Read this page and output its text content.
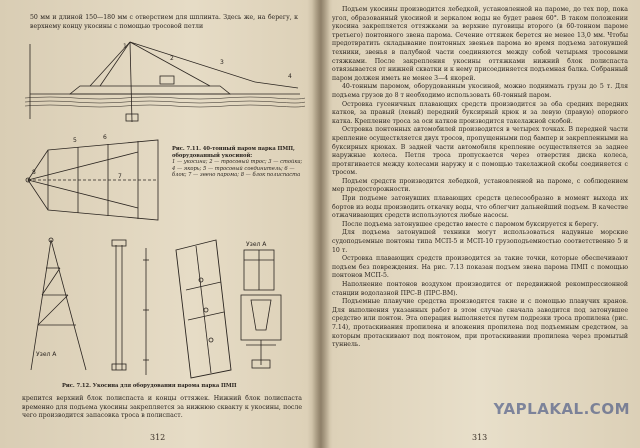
50 мм и длиной 150—180 мм с отверстием для шплинта. Здесь же, на берегу, к верхнему концу укосины с помощью тросовой петли

1
2
3
4
5	6
7
8
Рис. 7.11. 40-тонный паром парка ПМП, оборудованный укосиной:
1 — укосина; 2 — тросовый трос; 3 — стойка; 4 — якорь; 5 — тросовый соединитель; 6 — блок; 7 — звено парома; 8 — блок полиспаста
Узел А
Узел А
Рис. 7.12. Укосина для оборудования парома парка ПМП

крепится верхний блок полиспаста и концы оттяжек. Нижний блок полиспаста временно для подъема укосины закрепляется за нижнюю сквакту к укосины, после чего производится запасовка троса в полиспаст.

312

Подъем укосины производится лебедкой, установленной на пароме, до тех пор, пока угол, образованный укосиной и зеркалом воды не будет равен 60°. В таком положении укосина закрепляется оттяжками за верхние пуговицы второго (в 60-тонном пароме третьего) понтонного звена парома. Сечение оттяжек берется не менее 13,0 мм. Чтобы предотвратить складывание понтонных звеньев парома во время подъема затонувшей техники, звенья в палубной части соединяются между собой четырьмя тросовыми стяжками. После закрепления укосины оттяжками нижний блок полиспаста отвязывается от нижней скватки и к нему присоединяется подъемная балка. Собранный паром должен иметь не менее 3—4 якорей.

40-тонным паромом, оборудованным укосиной, можно поднимать грузы до 5 т. Для подъема грузов до 8 т необходимо использовать 60-тонный паром.

Островка гусеничных плавающих средств производится за оба средних передних катков, за правый (левый) передний буксирный крюк и за левую (правую) опорного катка. Крепление троса за оси катков производится такелажной скобой.

Островка понтонных автомобилей производится в четырех точках. В передней части крепление осуществляется двух тросов, пропущенными под бампер и закрепленными на буксирных крюках. В задней части автомобиля крепление осуществляется за заднее наружные колеса. Петля троса пропускается через отверстия диска колеса, протягивается между колесами наружу и с помощью такелажной скобы соединяется с тросом.

Подъем средств производится лебедкой, установленной на пароме, с соблюдением мер предосторожности.

При подъеме затонувших плавающих средств целесообразно в момент выхода их бортов из воды производить откачку воды, что облегчит дальнейший подъем. В качестве отжачивающих средств используются любые насосы.

После подъема затонувшее средство вместе с паромом буксируется к берегу.

Для подъема затонувшей техники могут использоваться надувные морские судоподъемные понтоны типа МСП-5 и МСП-10 грузоподъемностью соответственно 5 и 10 т.

Островка плавающих средств производится за такие точки, которые обеспечивают подъем без повреждения. На рис. 7.13 показан подъем звена парома ПМП с помощью понтонов МСП-5.

Наполнение понтонов воздухом производится от передвижной рекомпрессионной станции водолазной ПРС-В (ПРС-ВМ).

Подъемные плавучие средства производятся такие и с помощью плавучих кранов. Для выполнения указанных работ в этом случае сначала заводится под затонувшее средство или понтон. Эта операция выполняется путем подрезки троса пропилена (рис. 7.14), протаскивания пропилена и вложения пропилена под подъемным средством, за которым протаскивают под понтоном, при протаскивании пропилена через промытый туннель.

YAPLAKAL.COM
313
